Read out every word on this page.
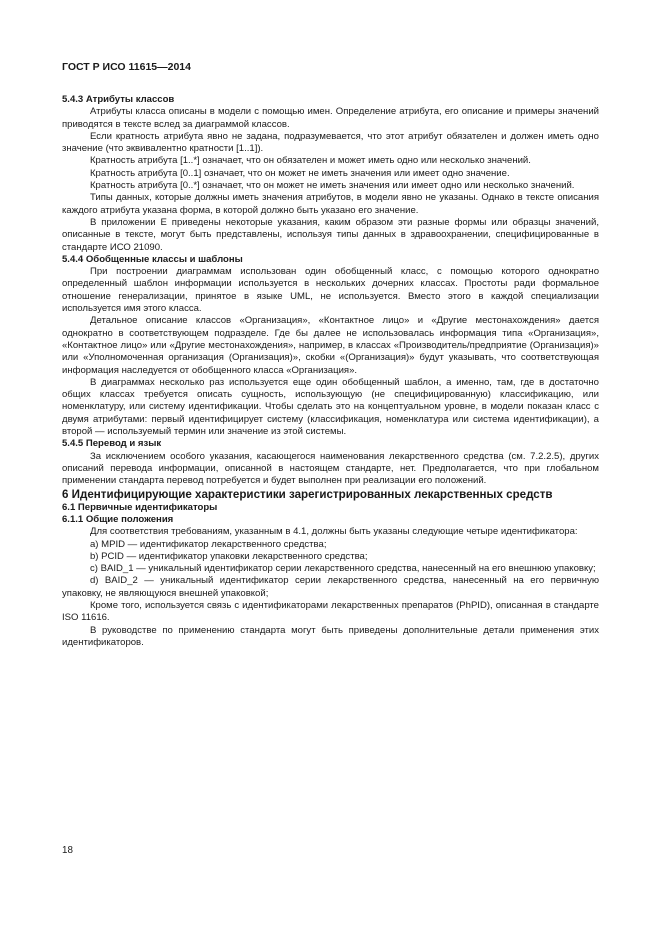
ГОСТ Р ИСО 11615—2014

5.4.3 Атрибуты классов

Атрибуты класса описаны в модели с помощью имен. Определение атрибута, его описание и примеры значений приводятся в тексте вслед за диаграммой классов.

Если кратность атрибута явно не задана, подразумевается, что этот атрибут обязателен и должен иметь одно значение (что эквивалентно кратности [1..1]).

Кратность атрибута [1..*] означает, что он обязателен и может иметь одно или несколько значений.

Кратность атрибута [0..1] означает, что он может не иметь значения или имеет одно значение.

Кратность атрибута [0..*] означает, что он может не иметь значения или имеет одно или несколько значений.

Типы данных, которые должны иметь значения атрибутов, в модели явно не указаны. Однако в тексте описания каждого атрибута указана форма, в которой должно быть указано его значение.

В приложении Е приведены некоторые указания, каким образом эти разные формы или образцы значений, описанные в тексте, могут быть представлены, используя типы данных в здравоохранении, специфицированные в стандарте ИСО 21090.

5.4.4 Обобщенные классы и шаблоны

При построении диаграммам использован один обобщенный класс, с помощью которого однократно определенный шаблон информации используется в нескольких дочерних классах. Простоты ради формальное отношение генерализации, принятое в языке UML, не используется. Вместо этого в каждой специализации используется имя этого класса.

Детальное описание классов «Организация», «Контактное лицо» и «Другие местонахождения» дается однократно в соответствующем подразделе. Где бы далее не использовалась информация типа «Организация», «Контактное лицо» или «Другие местонахождения», например, в классах «Производитель/предприятие (Организация)» или «Уполномоченная организация (Организация)», скобки «(Организация)» будут указывать, что соответствующая информация наследуется от обобщенного класса «Организация».

В диаграммах несколько раз используется еще один обобщенный шаблон, а именно, там, где в достаточно общих классах требуется описать сущность, использующую (не специфицированную) классификацию, или номенклатуру, или систему идентификации. Чтобы сделать это на концептуальном уровне, в модели показан класс с двумя атрибутами: первый идентифицирует систему (классификация, номенклатура или система идентификации), а второй — используемый термин или значение из этой системы.

5.4.5 Перевод и язык

За исключением особого указания, касающегося наименования лекарственного средства (см. 7.2.2.5), других описаний перевода информации, описанной в настоящем стандарте, нет. Предполагается, что при глобальном применении стандарта перевод потребуется и будет выполнен при реализации его положений.

6 Идентифицирующие характеристики зарегистрированных лекарственных средств

6.1 Первичные идентификаторы

6.1.1 Общие положения

Для соответствия требованиям, указанным в 4.1, должны быть указаны следующие четыре идентификатора:

a) MPID — идентификатор лекарственного средства;

b) PCID — идентификатор упаковки лекарственного средства;

c) BAID_1 — уникальный идентификатор серии лекарственного средства, нанесенный на его внешнюю упаковку;

d) BAID_2 — уникальный идентификатор серии лекарственного средства, нанесенный на его первичную упаковку, не являющуюся внешней упаковкой;

Кроме того, используется связь с идентификаторами лекарственных препаратов (PhPID), описанная в стандарте ISO 11616.

В руководстве по применению стандарта могут быть приведены дополнительные детали применения этих идентификаторов.

18
